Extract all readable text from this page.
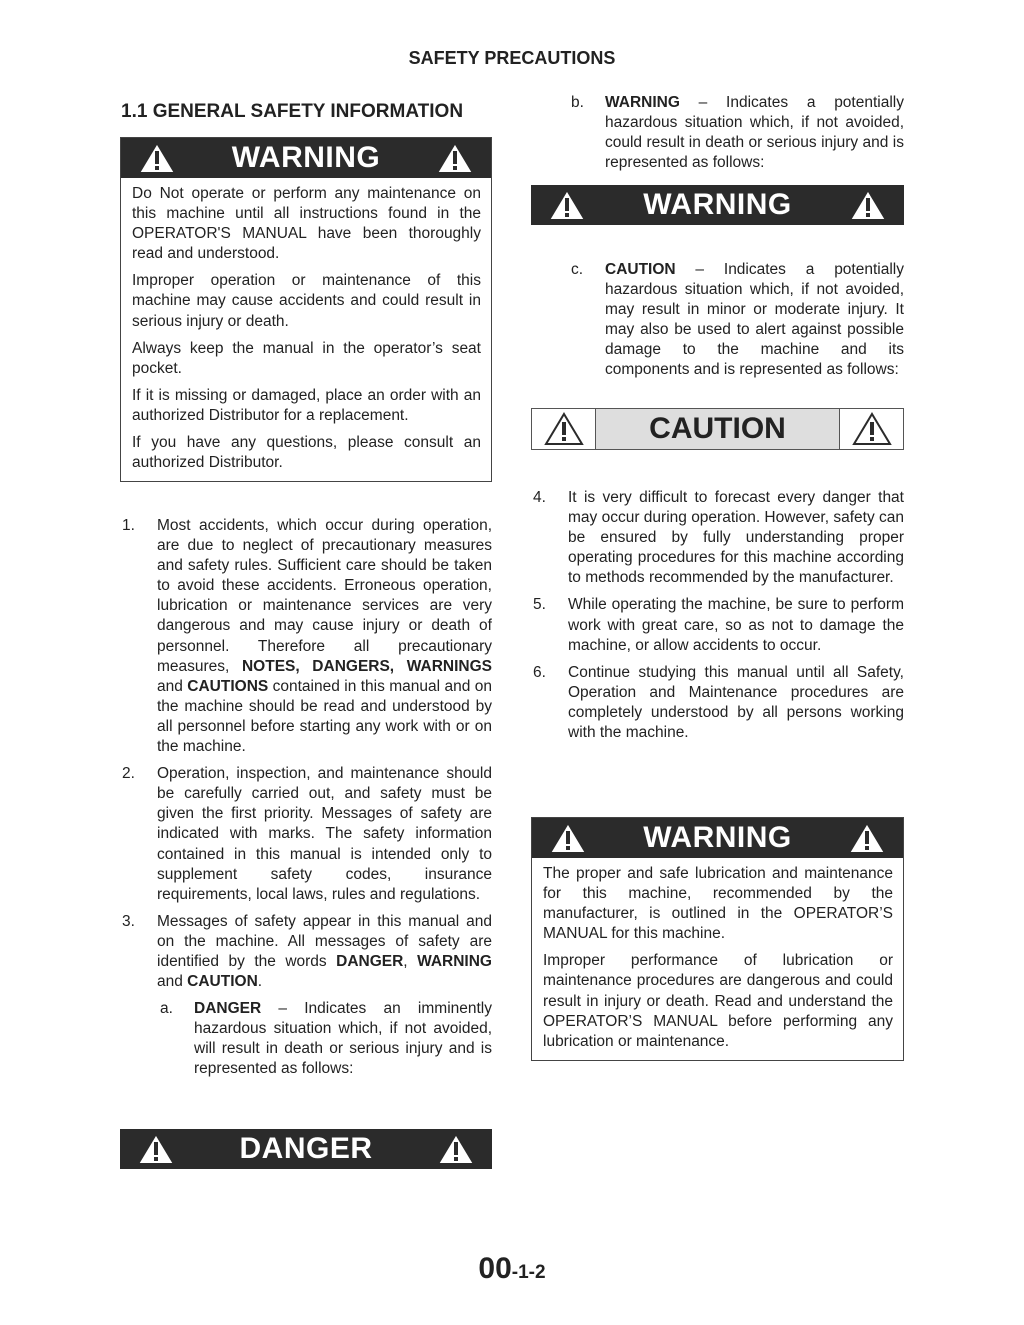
SAFETY PRECAUTIONS
1.1 GENERAL SAFETY INFORMATION
WARNING

Do Not operate or perform any maintenance on this machine until all instructions found in the OPERATOR'S MANUAL have been thoroughly read and understood.

Improper operation or maintenance of this machine may cause accidents and could result in serious injury or death.

Always keep the manual in the operator’s seat pocket.

If it is missing or damaged, place an order with an authorized Distributor for a replacement.

If you have any questions, please consult an authorized Distributor.

1. Most accidents, which occur during operation, are due to neglect of precautionary measures and safety rules. Sufficient care should be taken to avoid these accidents. Erroneous operation, lubrication or maintenance services are very dangerous and may cause injury or death of personnel. Therefore all precautionary measures, NOTES, DANGERS, WARNINGS and CAUTIONS contained in this manual and on the machine should be read and understood by all personnel before starting any work with or on the machine.

2. Operation, inspection, and maintenance should be carefully carried out, and safety must be given the first priority. Messages of safety are indicated with marks. The safety information contained in this manual is intended only to supplement safety codes, insurance requirements, local laws, rules and regulations.

3. Messages of safety appear in this manual and on the machine. All messages of safety are identified by the words DANGER, WARNING and CAUTION.

a. DANGER – Indicates an imminently hazardous situation which, if not avoided, will result in death or serious injury and is represented as follows:

DANGER
b. WARNING – Indicates a potentially hazardous situation which, if not avoided, could result in death or serious injury and is represented as follows:

WARNING
c. CAUTION – Indicates a potentially hazardous situation which, if not avoided, may result in minor or moderate injury. It may also be used to alert against possible damage to the machine and its components and is represented as follows:

CAUTION
4. It is very difficult to forecast every danger that may occur during operation. However, safety can be ensured by fully understanding proper operating procedures for this machine according to methods recommended by the manufacturer.

5. While operating the machine, be sure to perform work with great care, so as not to damage the machine, or allow accidents to occur.

6. Continue studying this manual until all Safety, Operation and Maintenance procedures are completely understood by all persons working with the machine.

WARNING

The proper and safe lubrication and maintenance for this machine, recommended by the manufacturer, is outlined in the OPERATOR’S MANUAL for this machine.

Improper performance of lubrication or maintenance procedures are dangerous and could result in injury or death. Read and understand the OPERATOR’S MANUAL before performing any lubrication or maintenance.

00-1-2
